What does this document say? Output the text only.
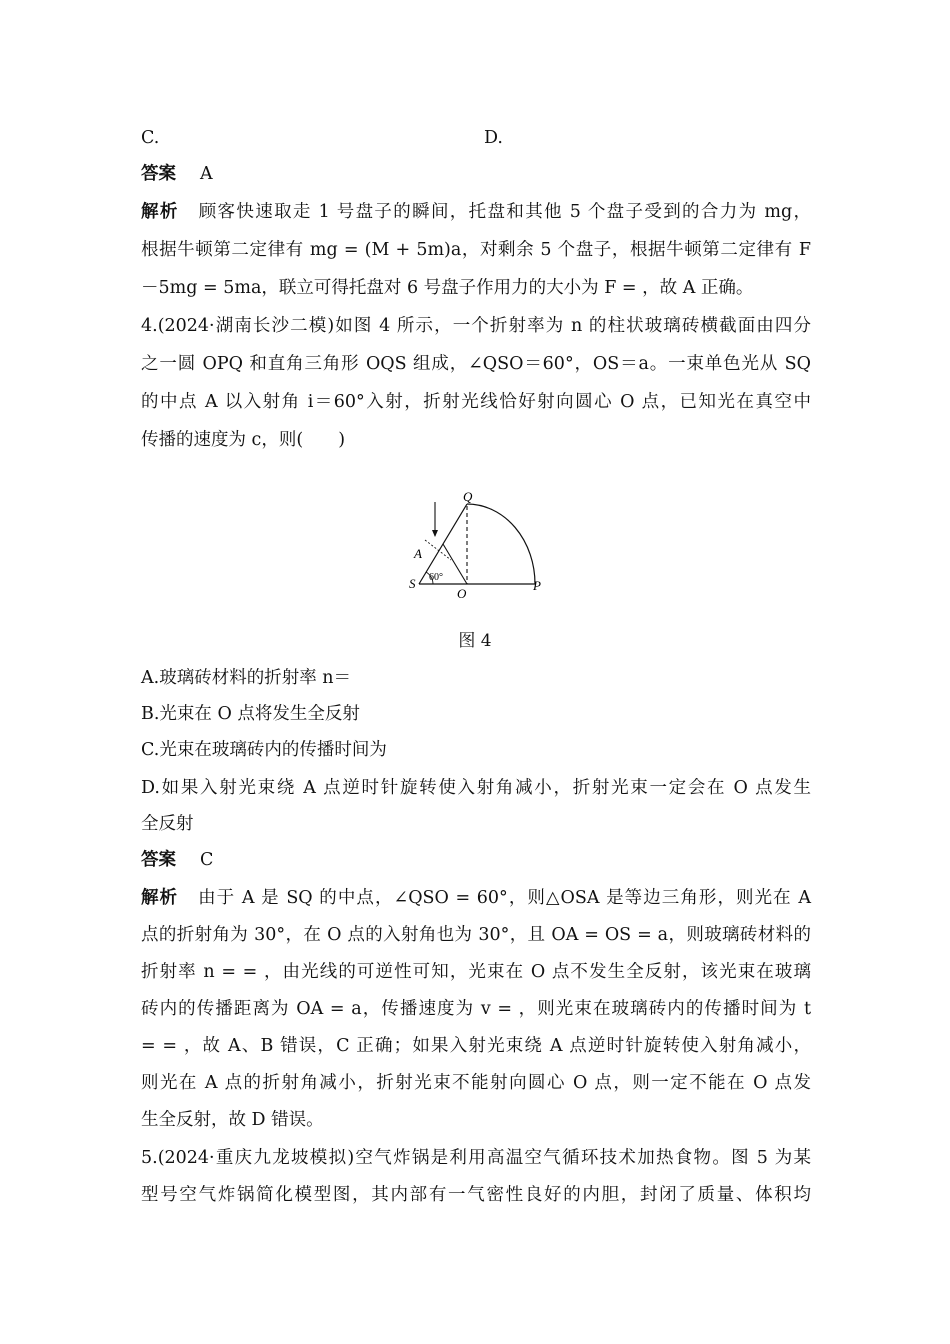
C.	D.
答案 A
解析 顾客快速取走 1 号盘子的瞬间，托盘和其他 5 个盘子受到的合力为 mg，
根据牛顿第二定律有 mg = (M + 5m)a，对剩余 5 个盘子，根据牛顿第二定律有 F
－5mg = 5ma，联立可得托盘对 6 号盘子作用力的大小为 F = ，故 A 正确。
4.(2024·湖南长沙二模)如图 4 所示，一个折射率为 n 的柱状玻璃砖横截面由四分
之一圆 OPQ 和直角三角形 OQS 组成，∠QSO＝60°，OS＝a。一束单色光从 SQ
的中点 A 以入射角 i＝60°入射，折射光线恰好射向圆心 O 点，已知光在真空中
传播的速度为 c，则(　　)
A.玻璃砖材料的折射率 n＝
B.光束在 O 点将发生全反射
C.光束在玻璃砖内的传播时间为
D.如果入射光束绕 A 点逆时针旋转使入射角减小，折射光束一定会在 O 点发生
全反射
答案 C
解析 由于 A 是 SQ 的中点，∠QSO = 60°，则△OSA 是等边三角形，则光在 A
点的折射角为 30°，在 O 点的入射角也为 30°，且 OA = OS = a，则玻璃砖材料的
折射率 n = = ，由光线的可逆性可知，光束在 O 点不发生全反射，该光束在玻璃
砖内的传播距离为 OA = a，传播速度为 v = ，则光束在玻璃砖内的传播时间为 t
= = ，故 A、B 错误，C 正确；如果入射光束绕 A 点逆时针旋转使入射角减小，
则光在 A 点的折射角减小，折射光束不能射向圆心 O 点，则一定不能在 O 点发
生全反射，故 D 错误。
5.(2024·重庆九龙坡模拟)空气炸锅是利用高温空气循环技术加热食物。图 5 为某
型号空气炸锅简化模型图，其内部有一气密性良好的内胆，封闭了质量、体积均
Q
A
S
O
P
60°
图 4
